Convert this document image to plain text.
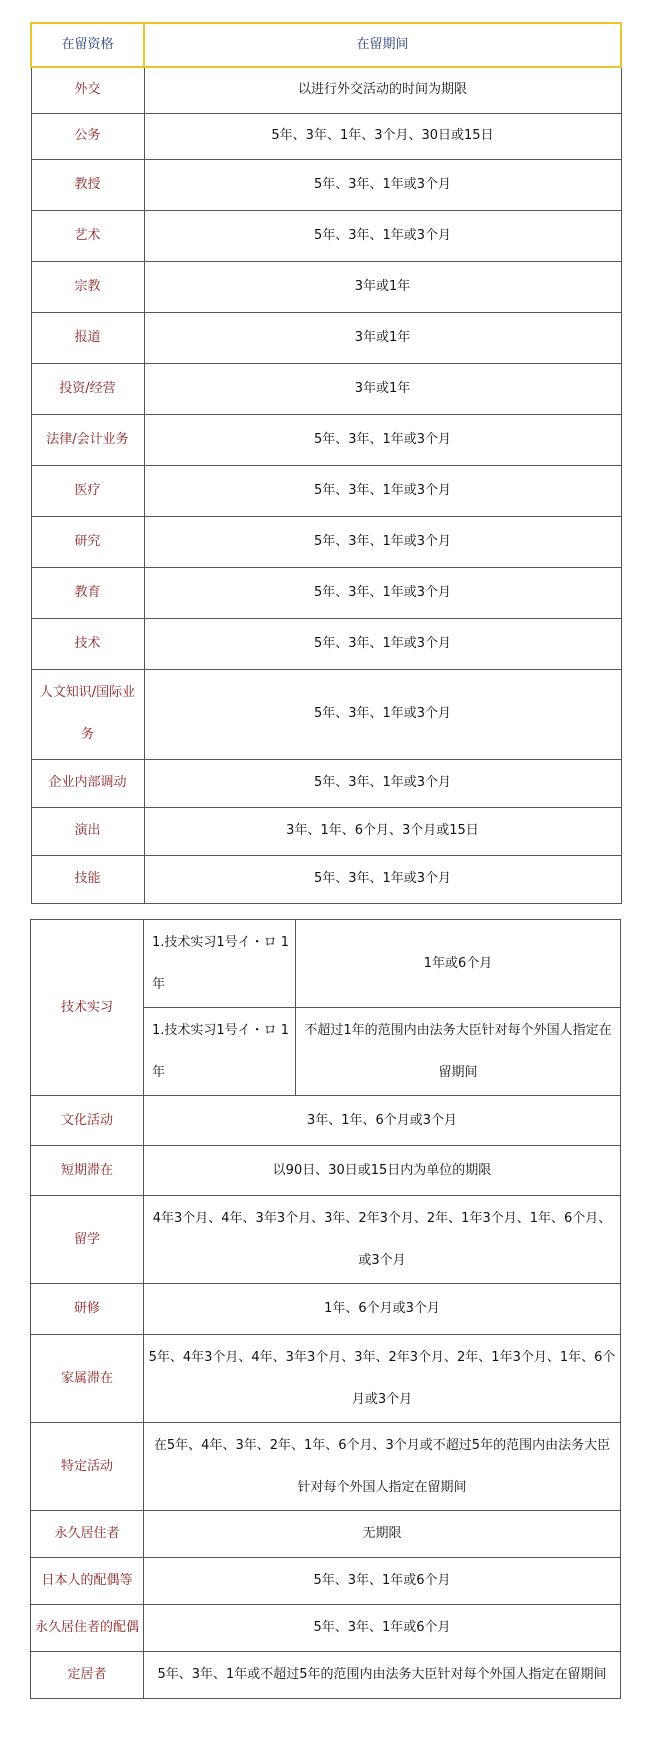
在留资格	在留期间
外交	以进行外交活动的时间为期限
公务	5年、3年、1年、3个月、30日或15日
教授	5年、3年、1年或3个月
艺术	5年、3年、1年或3个月
宗教	3年或1年
报道	3年或1年
投资/经营	3年或1年
法律/会计业务	5年、3年、1年或3个月
医疗	5年、3年、1年或3个月
研究	5年、3年、1年或3个月
教育	5年、3年、1年或3个月
技术	5年、3年、1年或3个月
人文知识/国际业务	5年、3年、1年或3个月
企业内部调动	5年、3年、1年或3个月
演出	3年、1年、6个月、3个月或15日
技能	5年、3年、1年或3个月
技术实习	1.技术实习1号イ・ロ 1年	1年或6个月
	1.技术实习1号イ・ロ 1年	不超过1年的范围内由法务大臣针对每个外国人指定在留期间
文化活动	3年、1年、6个月或3个月	
短期滞在	以90日、30日或15日内为单位的期限	
留学	4年3个月、4年、3年3个月、3年、2年3个月、2年、1年3个月、1年、6个月、或3个月	
研修	1年、6个月或3个月	
家属滞在	5年、4年3个月、4年、3年3个月、3年、2年3个月、2年、1年3个月、1年、6个月或3个月	
特定活动	在5年、4年、3年、2年、1年、6个月、3个月或不超过5年的范围内由法务大臣针对每个外国人指定在留期间	
永久居住者	无期限	
日本人的配偶等	5年、3年、1年或6个月	
永久居住者的配偶	5年、3年、1年或6个月	
定居者	5年、3年、1年或不超过5年的范围内由法务大臣针对每个外国人指定在留期间	
